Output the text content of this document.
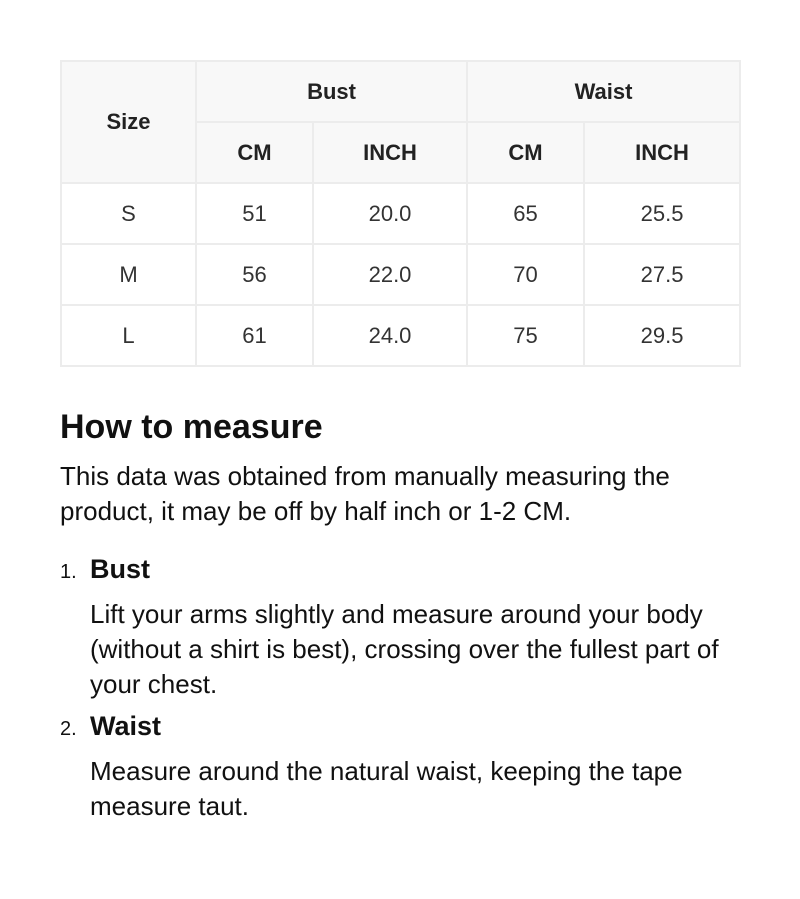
Size	Bust		Waist	
	CM	INCH	CM	INCH
S	51	20.0	65	25.5
M	56	22.0	70	27.5
L	61	24.0	75	29.5
How to measure

This data was obtained from manually measuring the product, it may be off by half inch or 1-2 CM.

1. Bust
Lift your arms slightly and measure around your body (without a shirt is best), crossing over the fullest part of your chest.
2. Waist
Measure around the natural waist, keeping the tape measure taut.
